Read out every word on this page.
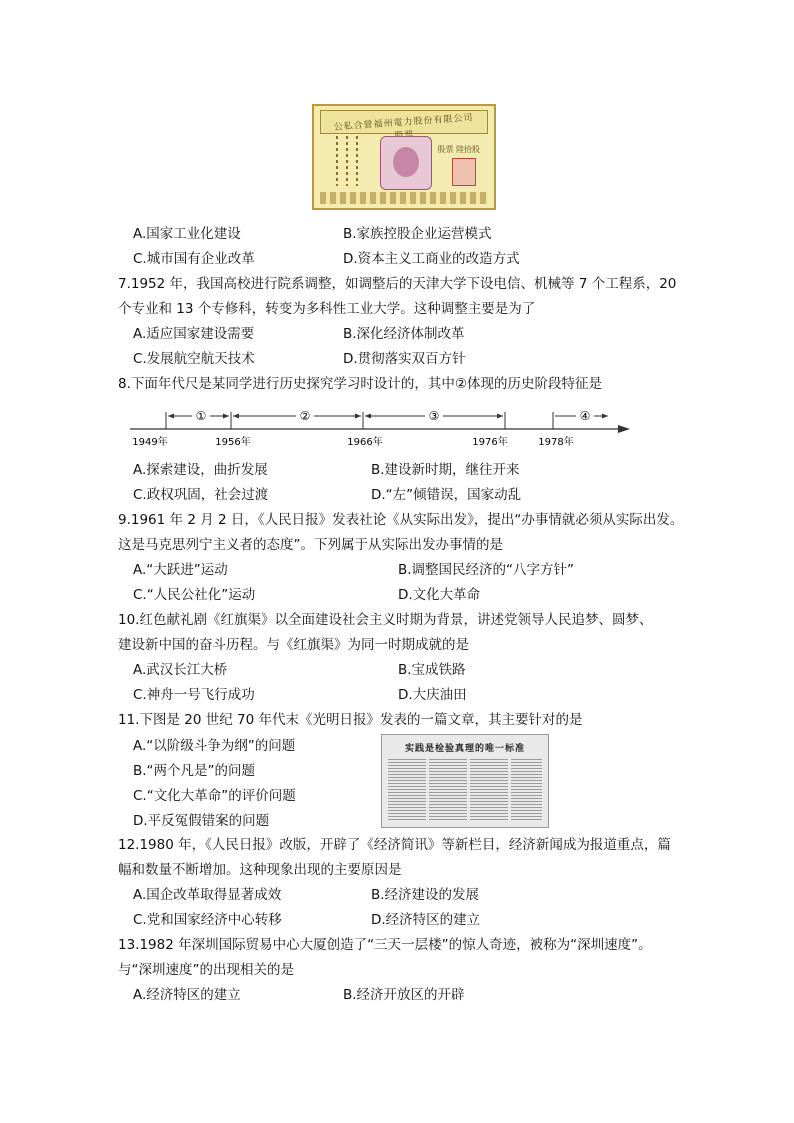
公私合營福州電力股份有限公司股票
股票 陸拾股
A.国家工业化建设	B.家族控股企业运营模式
C.城市国有企业改革	D.资本主义工商业的改造方式
7.1952 年，我国高校进行院系调整，如调整后的天津大学下设电信、机械等 7 个工程系，20
个专业和 13 个专修科，转变为多科性工业大学。这种调整主要是为了
A.适应国家建设需要	B.深化经济体制改革
C.发展航空航天技术	D.贯彻落实双百方针
8.下面年代尺是某同学进行历史探究学习时设计的，其中②体现的历史阶段特征是
①	②	③	④
1949年	1956年	1966年	1976年	1978年
A.探索建设，曲折发展	B.建设新时期，继往开来
C.政权巩固，社会过渡	D.“左”倾错误，国家动乱
9.1961 年 2 月 2 日，《人民日报》发表社论《从实际出发》，提出“办事情就必须从实际出发。
这是马克思列宁主义者的态度”。下列属于从实际出发办事情的是
A.“大跃进”运动	B.调整国民经济的“八字方针”
C.“人民公社化”运动	D.文化大革命
10.红色献礼剧《红旗渠》以全面建设社会主义时期为背景，讲述党领导人民追梦、圆梦、
建设新中国的奋斗历程。与《红旗渠》为同一时期成就的是
A.武汉长江大桥	B.宝成铁路
C.神舟一号飞行成功	D.大庆油田
11.下图是 20 世纪 70 年代末《光明日报》发表的一篇文章，其主要针对的是
A.“以阶级斗争为纲”的问题
B.“两个凡是”的问题
C.“文化大革命”的评价问题
D.平反冤假错案的问题
实践是检验真理的唯一标准
12.1980 年，《人民日报》改版，开辟了《经济简讯》等新栏目，经济新闻成为报道重点，篇
幅和数量不断增加。这种现象出现的主要原因是
A.国企改革取得显著成效	B.经济建设的发展
C.党和国家经济中心转移	D.经济特区的建立
13.1982 年深圳国际贸易中心大厦创造了“三天一层楼”的惊人奇迹，被称为“深圳速度”。
与“深圳速度”的出现相关的是
A.经济特区的建立	B.经济开放区的开辟
